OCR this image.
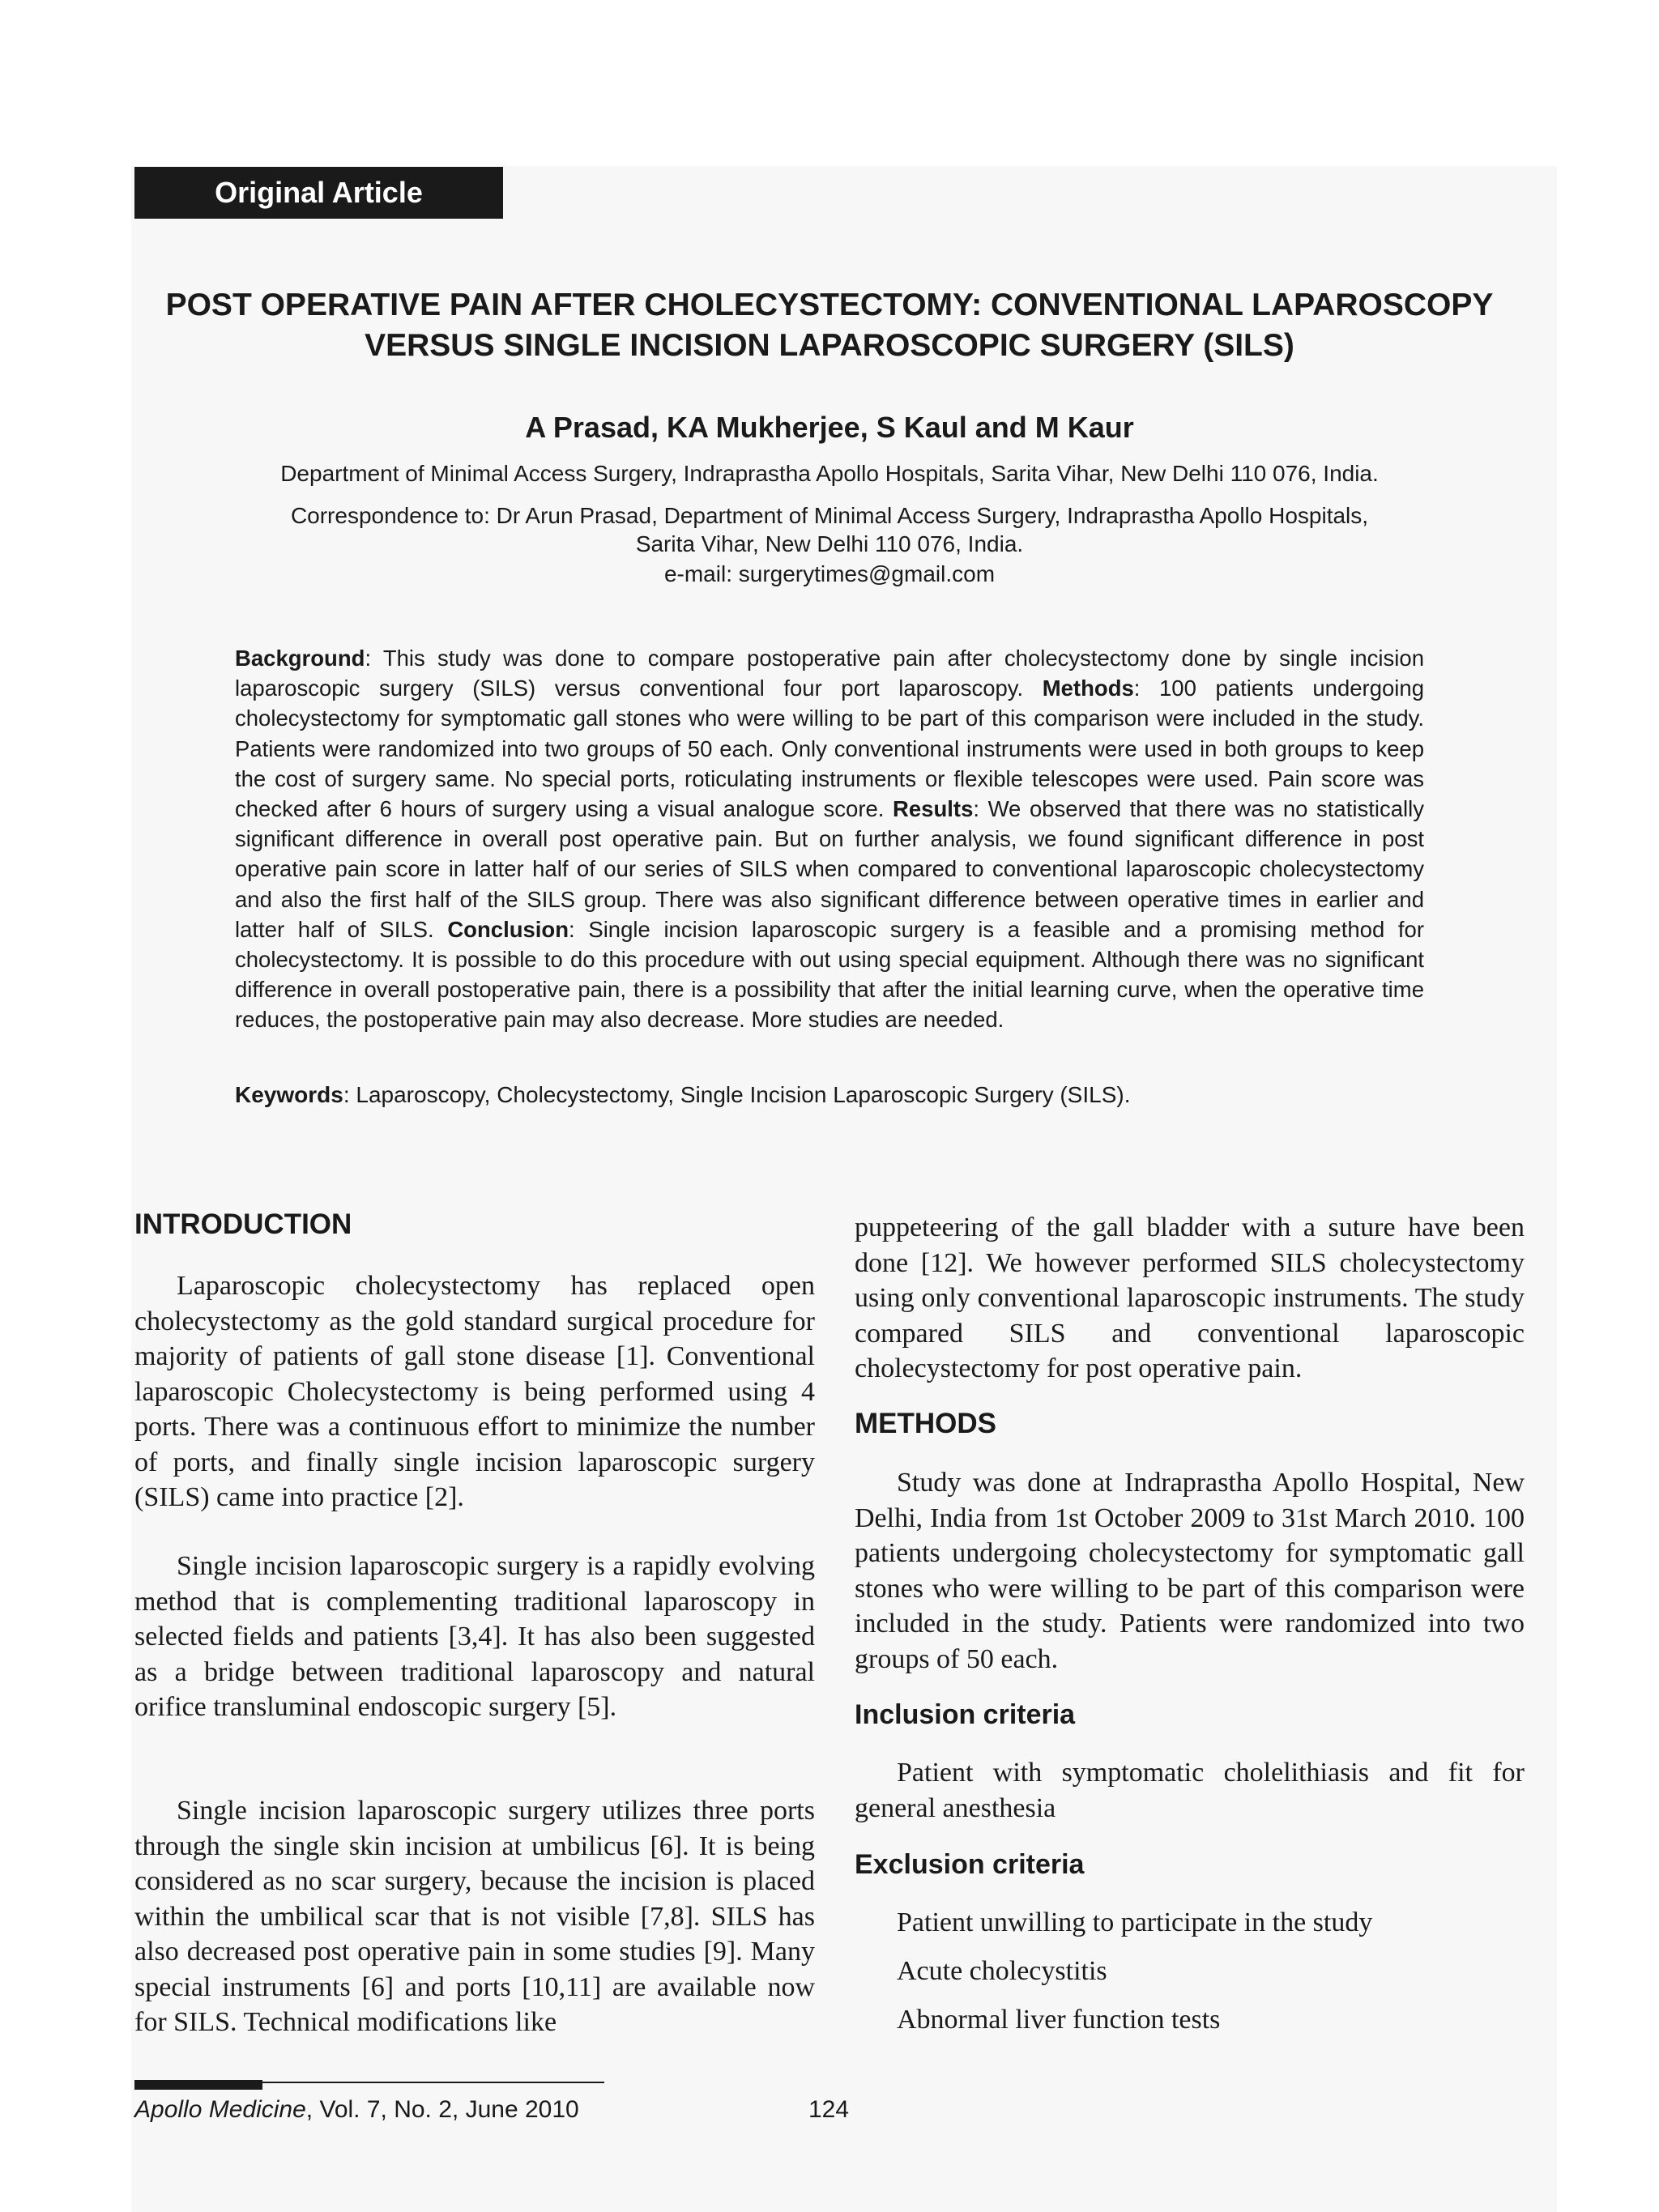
Original Article
POST OPERATIVE PAIN AFTER CHOLECYSTECTOMY: CONVENTIONAL LAPAROSCOPY
VERSUS SINGLE INCISION LAPAROSCOPIC SURGERY (SILS)
A Prasad, KA Mukherjee, S Kaul and M Kaur
Department of Minimal Access Surgery, Indraprastha Apollo Hospitals, Sarita Vihar, New Delhi 110 076, India.
Correspondence to: Dr Arun Prasad, Department of Minimal Access Surgery, Indraprastha Apollo Hospitals,
Sarita Vihar, New Delhi 110 076, India.
e-mail: surgerytimes@gmail.com
Background: This study was done to compare postoperative pain after cholecystectomy done by single incision laparoscopic surgery (SILS) versus conventional four port laparoscopy. Methods: 100 patients undergoing cholecystectomy for symptomatic gall stones who were willing to be part of this comparison were included in the study. Patients were randomized into two groups of 50 each. Only conventional instruments were used in both groups to keep the cost of surgery same. No special ports, roticulating instruments or flexible telescopes were used. Pain score was checked after 6 hours of surgery using a visual analogue score. Results: We observed that there was no statistically significant difference in overall post operative pain. But on further analysis, we found significant difference in post operative pain score in latter half of our series of SILS when compared to conventional laparoscopic cholecystectomy and also the first half of the SILS group. There was also significant difference between operative times in earlier and latter half of SILS. Conclusion: Single incision laparoscopic surgery is a feasible and a promising method for cholecystectomy. It is possible to do this procedure with out using special equipment. Although there was no significant difference in overall postoperative pain, there is a possibility that after the initial learning curve, when the operative time reduces, the postoperative pain may also decrease. More studies are needed.
Keywords: Laparoscopy, Cholecystectomy, Single Incision Laparoscopic Surgery (SILS).
INTRODUCTION

Laparoscopic cholecystectomy has replaced open cholecystectomy as the gold standard surgical procedure for majority of patients of gall stone disease [1]. Conventional laparoscopic Cholecystectomy is being performed using 4 ports. There was a continuous effort to minimize the number of ports, and finally single incision laparoscopic surgery (SILS) came into practice [2].

Single incision laparoscopic surgery is a rapidly evolving method that is complementing traditional laparoscopy in selected fields and patients [3,4]. It has also been suggested as a bridge between traditional laparoscopy and natural orifice transluminal endoscopic surgery [5].

Single incision laparoscopic surgery utilizes three ports through the single skin incision at umbilicus [6]. It is being considered as no scar surgery, because the incision is placed within the umbilical scar that is not visible [7,8]. SILS has also decreased post operative pain in some studies [9]. Many special instruments [6] and ports [10,11] are available now for SILS. Technical modifications like

puppeteering of the gall bladder with a suture have been done [12]. We however performed SILS cholecystectomy using only conventional laparoscopic instruments. The study compared SILS and conventional laparoscopic cholecystectomy for post operative pain.

METHODS

Study was done at Indraprastha Apollo Hospital, New Delhi, India from 1st October 2009 to 31st March 2010. 100 patients undergoing cholecystectomy for symptomatic gall stones who were willing to be part of this comparison were included in the study. Patients were randomized into two groups of 50 each.

Inclusion criteria

Patient with symptomatic cholelithiasis and fit for general anesthesia

Exclusion criteria
Patient unwilling to participate in the study
Acute cholecystitis
Abnormal liver function tests
Apollo Medicine, Vol. 7, No. 2, June 2010	124
